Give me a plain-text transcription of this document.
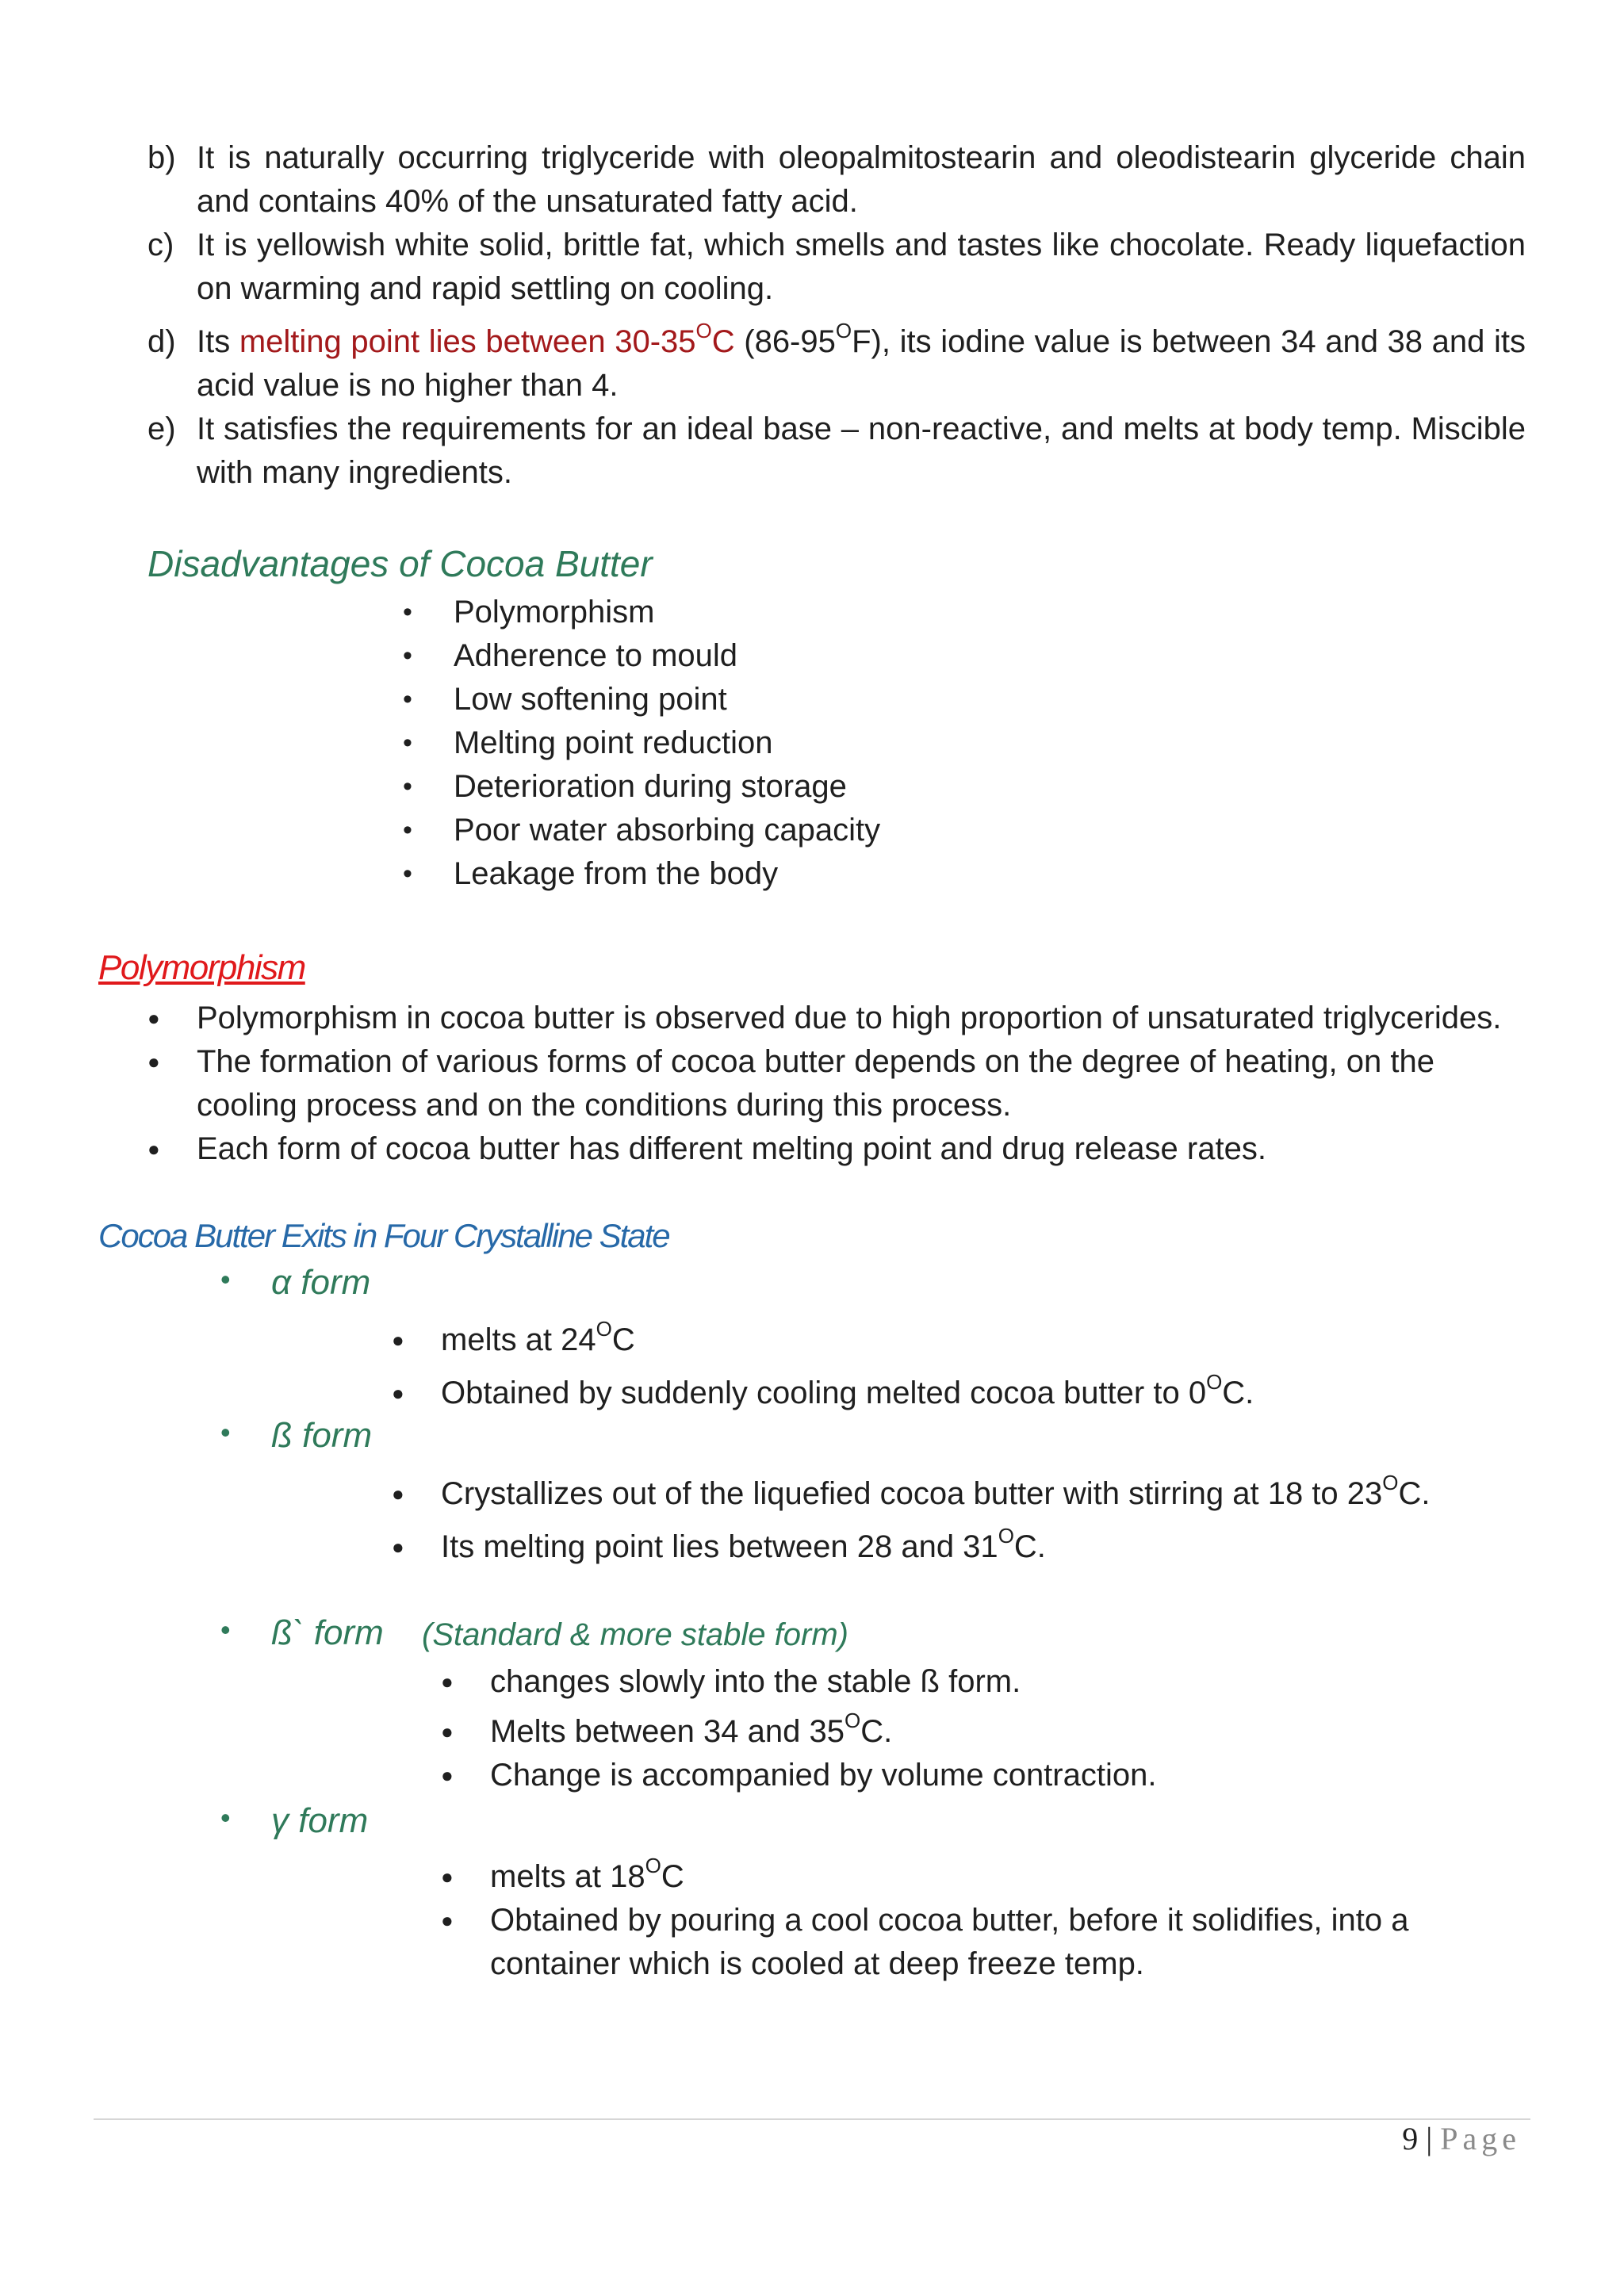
b) It is naturally occurring triglyceride with oleopalmitostearin and oleodistearin glyceride chain and contains 40% of the unsaturated fatty acid.
c) It is yellowish white solid, brittle fat, which smells and tastes like chocolate. Ready liquefaction on warming and rapid settling on cooling.
d) Its melting point lies between $30-35^OC$ $(86-95^OF)$, its iodine value is between 34 and 38 and its acid value is no higher than 4.
e) It satisfies the requirements for an ideal base – non-reactive, and melts at body temp. Miscible with many ingredients.
Disadvantages of Cocoa Butter
• Polymorphism
• Adherence to mould
• Low softening point
• Melting point reduction
• Deterioration during storage
• Poor water absorbing capacity
• Leakage from the body
Polymorphism
● Polymorphism in cocoa butter is observed due to high proportion of unsaturated triglycerides.
● The formation of various forms of cocoa butter depends on the degree of heating, on the cooling process and on the conditions during this process.
● Each form of cocoa butter has different melting point and drug release rates.
Cocoa Butter Exits in Four Crystalline State
• α form
● melts at $24^OC$
● Obtained by suddenly cooling melted cocoa butter to $0^OC$.
• ß form
● Crystallizes out of the liquefied cocoa butter with stirring at 18 to $23^OC$.
● Its melting point lies between 28 and $31^OC$.
• ß` form (Standard & more stable form)
● changes slowly into the stable ß form.
● Melts between 34 and $35^OC$.
● Change is accompanied by volume contraction.
• γ form
● melts at $18^OC$
● Obtained by pouring a cool cocoa butter, before it solidifies, into a container which is cooled at deep freeze temp.
9 | Page
